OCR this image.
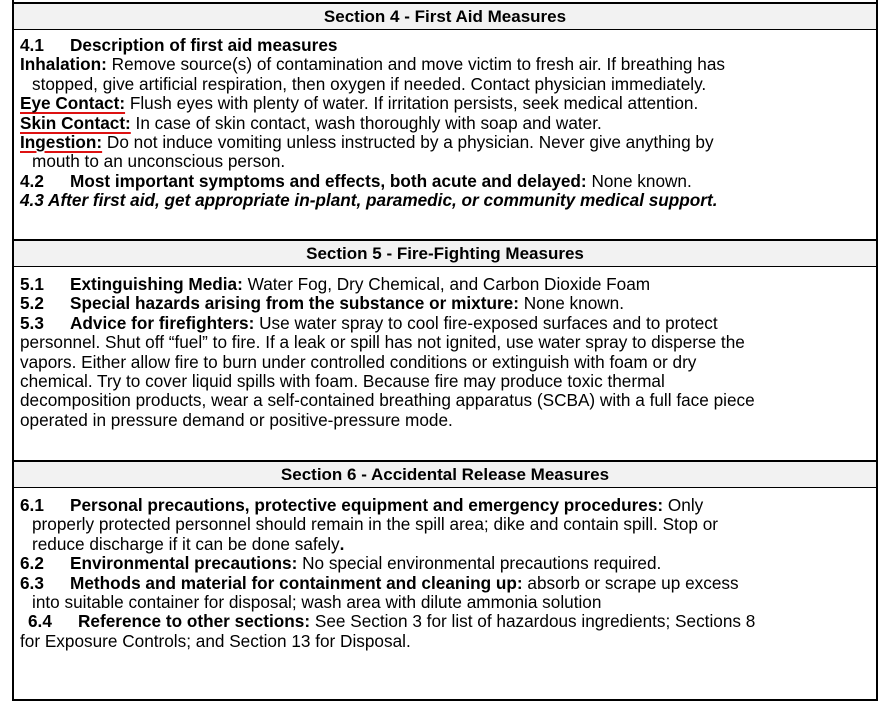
Section 4 - First Aid Measures

4.1 Description of first aid measures

Inhalation: Remove source(s) of contamination and move victim to fresh air. If breathing has

stopped, give artificial respiration, then oxygen if needed. Contact physician immediately.

Eye Contact: Flush eyes with plenty of water. If irritation persists, seek medical attention.

Skin Contact: In case of skin contact, wash thoroughly with soap and water.

Ingestion: Do not induce vomiting unless instructed by a physician. Never give anything by

mouth to an unconscious person.

4.2 Most important symptoms and effects, both acute and delayed: None known.

4.3 After first aid, get appropriate in-plant, paramedic, or community medical support.

Section 5 - Fire-Fighting Measures

5.1 Extinguishing Media: Water Fog, Dry Chemical, and Carbon Dioxide Foam

5.2 Special hazards arising from the substance or mixture: None known.

5.3 Advice for firefighters: Use water spray to cool fire-exposed surfaces and to protect

personnel. Shut off “fuel” to fire. If a leak or spill has not ignited, use water spray to disperse the

vapors. Either allow fire to burn under controlled conditions or extinguish with foam or dry

chemical. Try to cover liquid spills with foam. Because fire may produce toxic thermal

decomposition products, wear a self-contained breathing apparatus (SCBA) with a full face piece

operated in pressure demand or positive-pressure mode.

Section 6 - Accidental Release Measures

6.1 Personal precautions, protective equipment and emergency procedures: Only

properly protected personnel should remain in the spill area; dike and contain spill. Stop or

reduce discharge if it can be done safely.

6.2 Environmental precautions: No special environmental precautions required.

6.3 Methods and material for containment and cleaning up: absorb or scrape up excess

into suitable container for disposal; wash area with dilute ammonia solution

6.4 Reference to other sections: See Section 3 for list of hazardous ingredients; Sections 8

for Exposure Controls; and Section 13 for Disposal.
